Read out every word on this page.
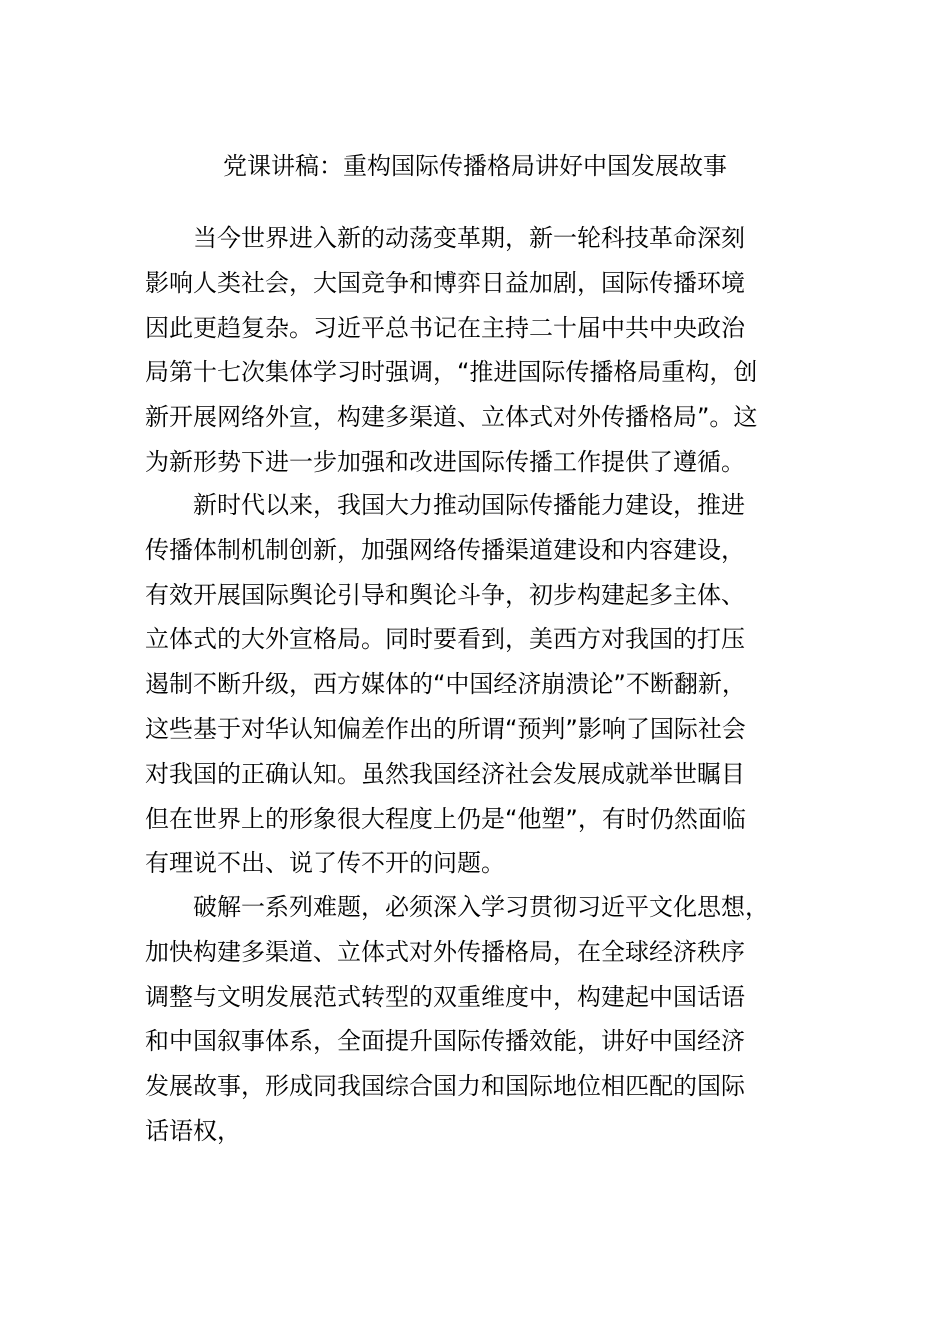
党课讲稿：重构国际传播格局讲好中国发展故事

　　当今世界进入新的动荡变革期，新一轮科技革命深刻
影响人类社会，大国竞争和博弈日益加剧，国际传播环境
因此更趋复杂。习近平总书记在主持二十届中共中央政治
局第十七次集体学习时强调，“推进国际传播格局重构，创
新开展网络外宣，构建多渠道、立体式对外传播格局”。这
为新形势下进一步加强和改进国际传播工作提供了遵循。

　　新时代以来，我国大力推动国际传播能力建设，推进
传播体制机制创新，加强网络传播渠道建设和内容建设，
有效开展国际舆论引导和舆论斗争，初步构建起多主体、
立体式的大外宣格局。同时要看到，美西方对我国的打压
遏制不断升级，西方媒体的“中国经济崩溃论”不断翻新，
这些基于对华认知偏差作出的所谓“预判”影响了国际社会
对我国的正确认知。虽然我国经济社会发展成就举世瞩目
但在世界上的形象很大程度上仍是“他塑”，有时仍然面临
有理说不出、说了传不开的问题。

　　破解一系列难题，必须深入学习贯彻习近平文化思想，
加快构建多渠道、立体式对外传播格局，在全球经济秩序
调整与文明发展范式转型的双重维度中，构建起中国话语
和中国叙事体系，全面提升国际传播效能，讲好中国经济
发展故事，形成同我国综合国力和国际地位相匹配的国际
话语权，
